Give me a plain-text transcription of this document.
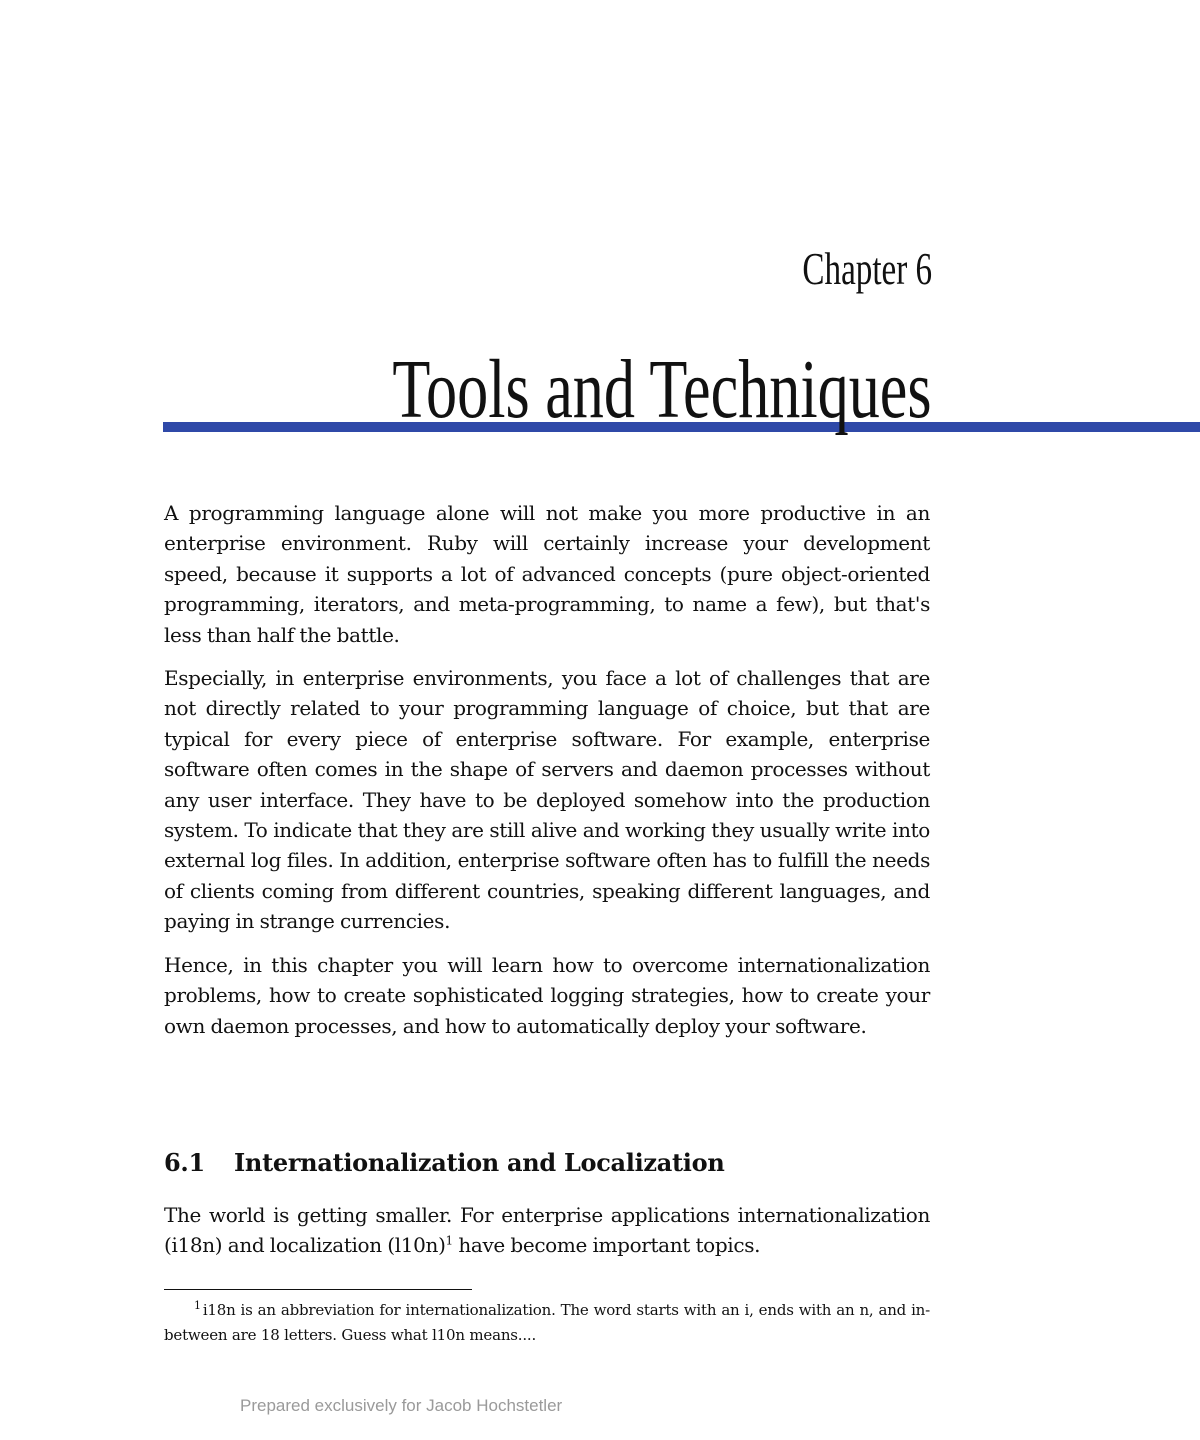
Chapter 6
Tools and Techniques

A programming language alone will not make you more productive in an enterprise environment. Ruby will certainly increase your development speed, because it supports a lot of advanced concepts (pure object-oriented programming, iterators, and meta-programming, to name a few), but that's less than half the battle.

Especially, in enterprise environments, you face a lot of challenges that are not directly related to your programming language of choice, but that are typical for every piece of enterprise software. For example, enterprise software often comes in the shape of servers and daemon processes without any user interface. They have to be deployed somehow into the production system. To indicate that they are still alive and working they usually write into external log files. In addition, enterprise software often has to fulfill the needs of clients coming from different countries, speaking different languages, and paying in strange currencies.

Hence, in this chapter you will learn how to overcome internationalization problems, how to create sophisticated logging strategies, how to create your own daemon processes, and how to automatically deploy your software.

6.1 Internationalization and Localization

The world is getting smaller. For enterprise applications internationalization (i18n) and localization $(l10n)^1$ have become important topics.

$^1$ i18n is an abbreviation for internationalization. The word starts with an i, ends with an n, and in-between are 18 letters. Guess what l10n means....
Prepared exclusively for Jacob Hochstetler
